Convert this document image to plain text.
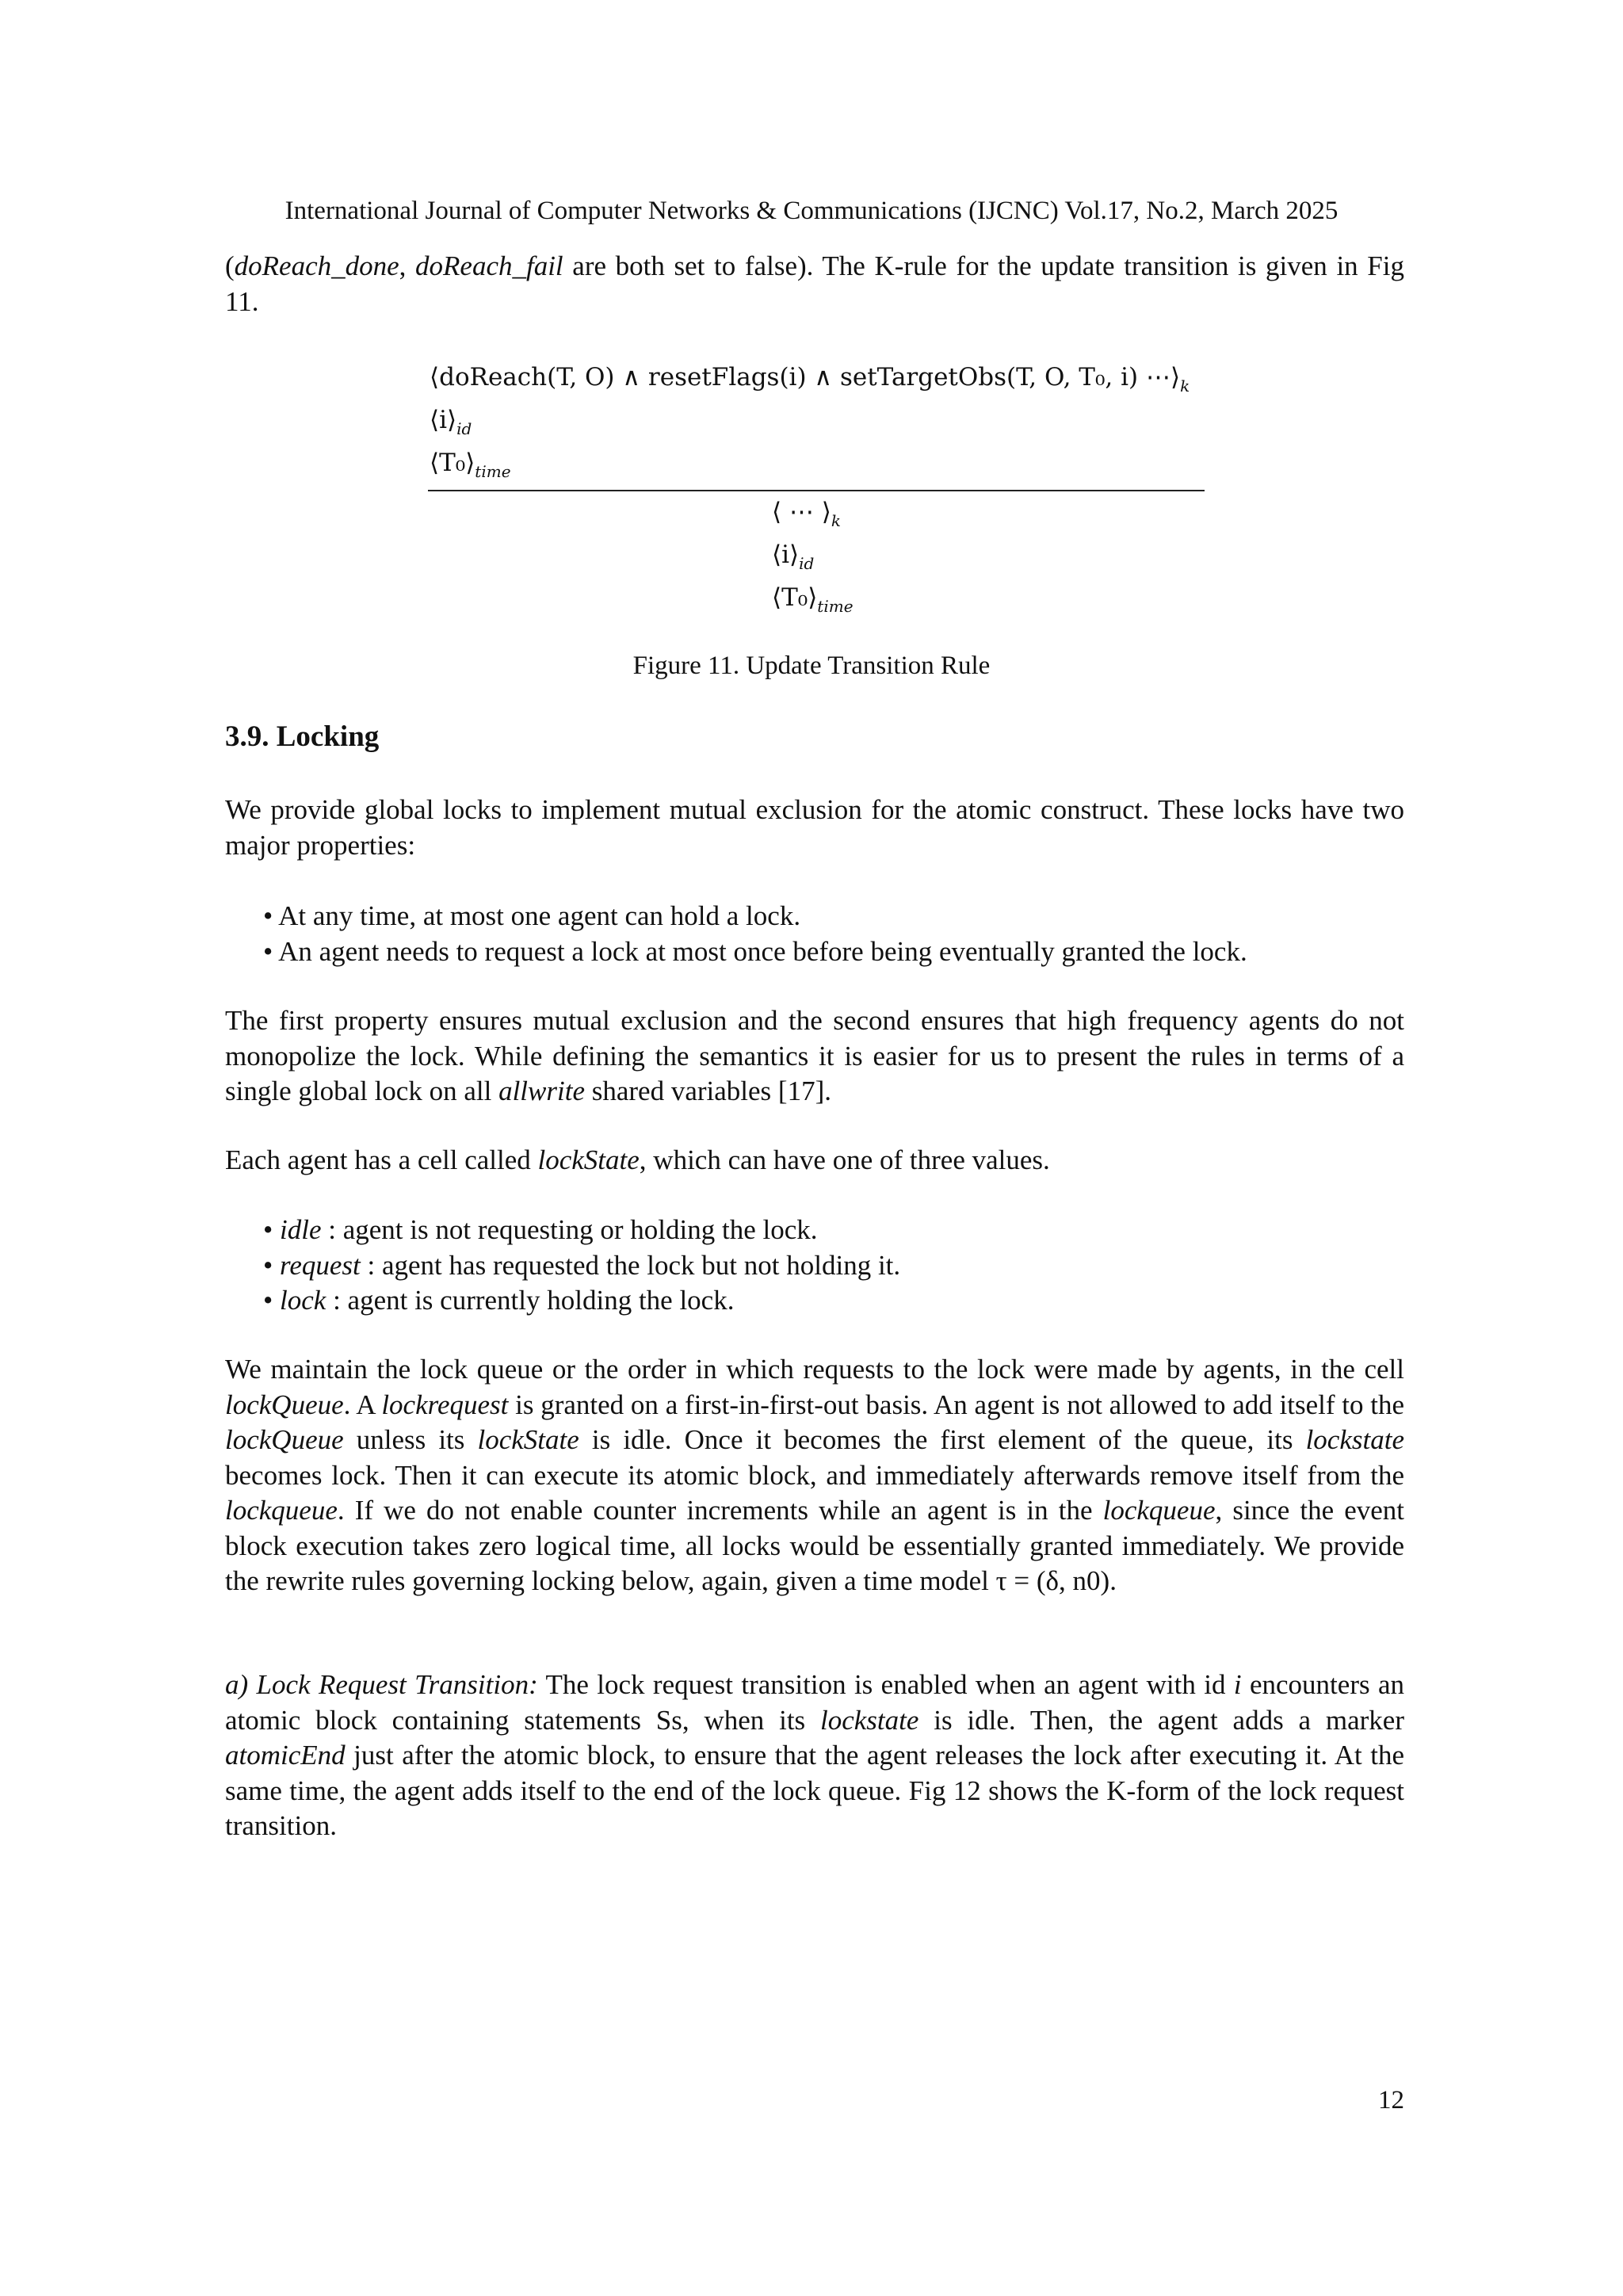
International Journal of Computer Networks & Communications (IJCNC) Vol.17, No.2, March 2025

(doReach_done, doReach_fail are both set to false). The K-rule for the update transition is given in Fig 11.

⟨doReach(T, O) ∧ resetFlags(i) ∧ setTargetObs(T, O, T₀, i) $\cdots⟩_k$
$⟨i⟩_{id}$
$⟨T_0⟩_{time}$
⟨ ⋯ $⟩_k$
$⟨i⟩_{id}$
$⟨T_0⟩_{time}$
Figure 11. Update Transition Rule
3.9. Locking

We provide global locks to implement mutual exclusion for the atomic construct. These locks have two major properties:

• At any time, at most one agent can hold a lock.
• An agent needs to request a lock at most once before being eventually granted the lock.

The first property ensures mutual exclusion and the second ensures that high frequency agents do not monopolize the lock. While defining the semantics it is easier for us to present the rules in terms of a single global lock on all allwrite shared variables [17].

Each agent has a cell called lockState, which can have one of three values.

• idle : agent is not requesting or holding the lock.
• request : agent has requested the lock but not holding it.
• lock : agent is currently holding the lock.

We maintain the lock queue or the order in which requests to the lock were made by agents, in the cell lockQueue. A lockrequest is granted on a first-in-first-out basis. An agent is not allowed to add itself to the lockQueue unless its lockState is idle. Once it becomes the first element of the queue, its lockstate becomes lock. Then it can execute its atomic block, and immediately afterwards remove itself from the lockqueue. If we do not enable counter increments while an agent is in the lockqueue, since the event block execution takes zero logical time, all locks would be essentially granted immediately. We provide the rewrite rules governing locking below, again, given a time model τ = (δ, n0).

a) Lock Request Transition: The lock request transition is enabled when an agent with id i encounters an atomic block containing statements Ss, when its lockstate is idle. Then, the agent adds a marker atomicEnd just after the atomic block, to ensure that the agent releases the lock after executing it. At the same time, the agent adds itself to the end of the lock queue. Fig 12 shows the K-form of the lock request transition.

12
